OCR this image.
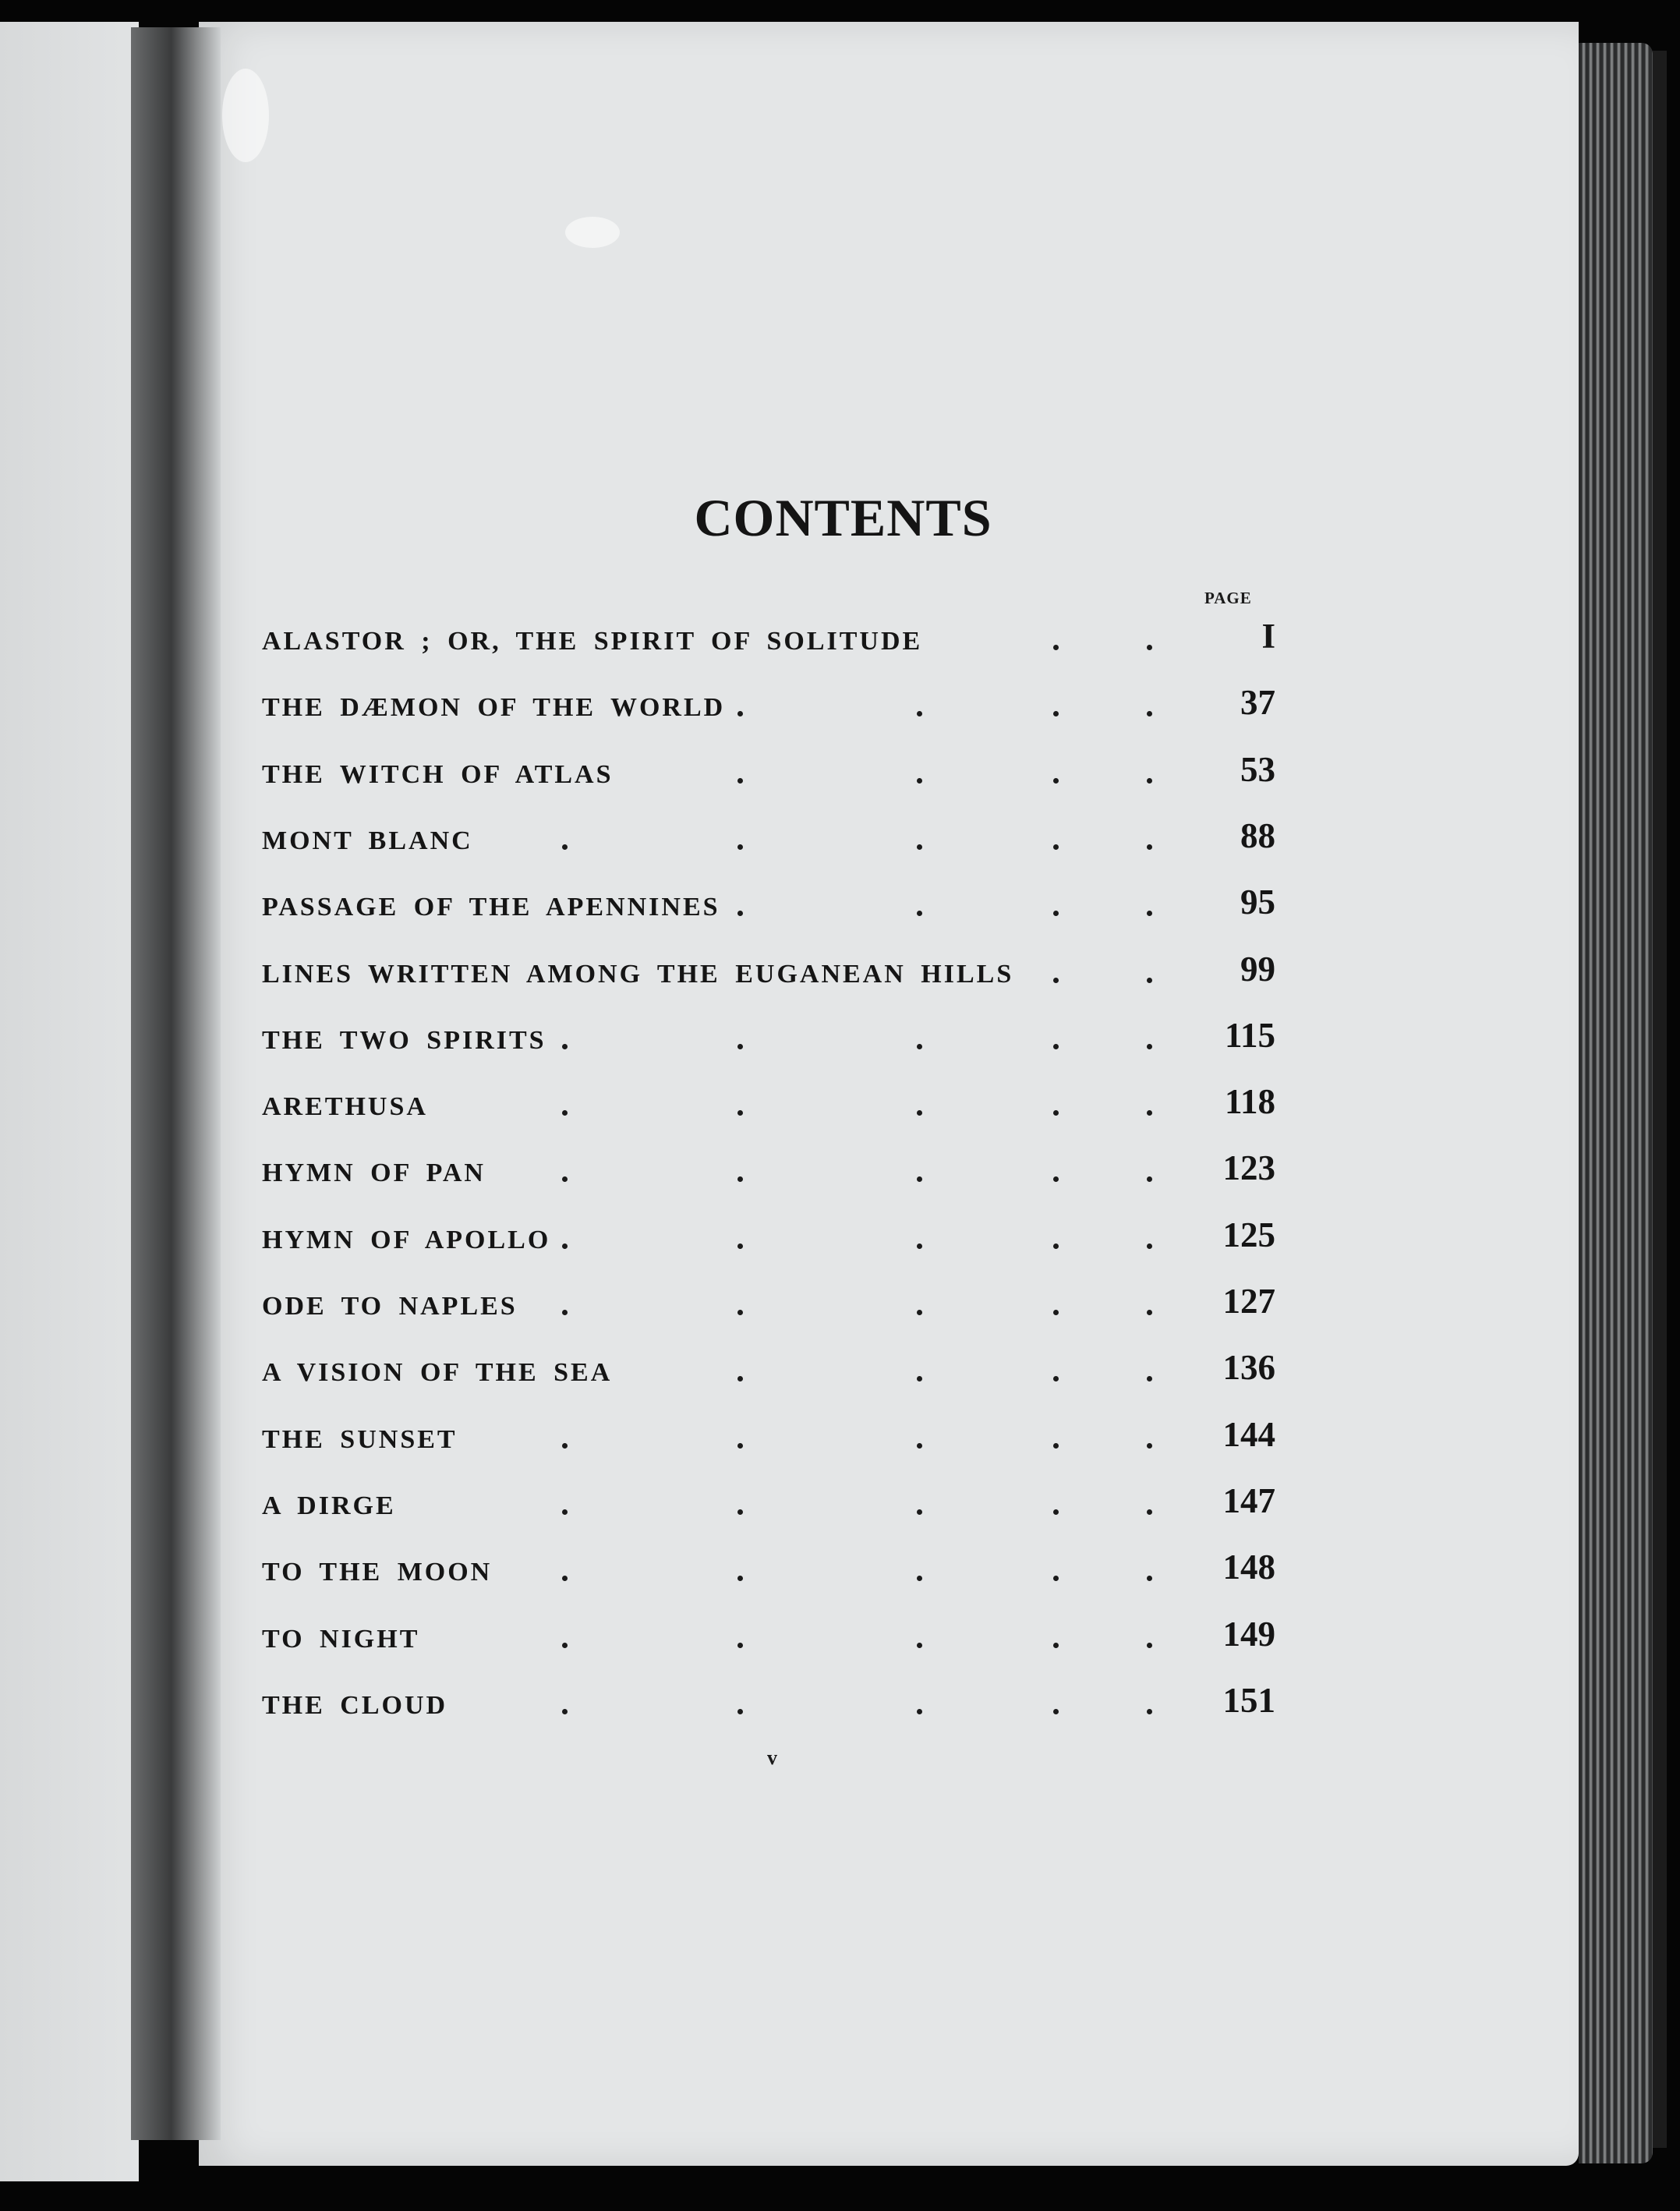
CONTENTS
PAGE
ALASTOR ; OR, THE SPIRIT OF SOLITUDE	I
THE DÆMON OF THE WORLD	37
THE WITCH OF ATLAS	53
MONT BLANC	88
PASSAGE OF THE APENNINES	95
LINES WRITTEN AMONG THE EUGANEAN HILLS	99
THE TWO SPIRITS	115
ARETHUSA	118
HYMN OF PAN	123
HYMN OF APOLLO	125
ODE TO NAPLES	127
A VISION OF THE SEA	136
THE SUNSET	144
A DIRGE	147
TO THE MOON	148
TO NIGHT	149
THE CLOUD	151
v
